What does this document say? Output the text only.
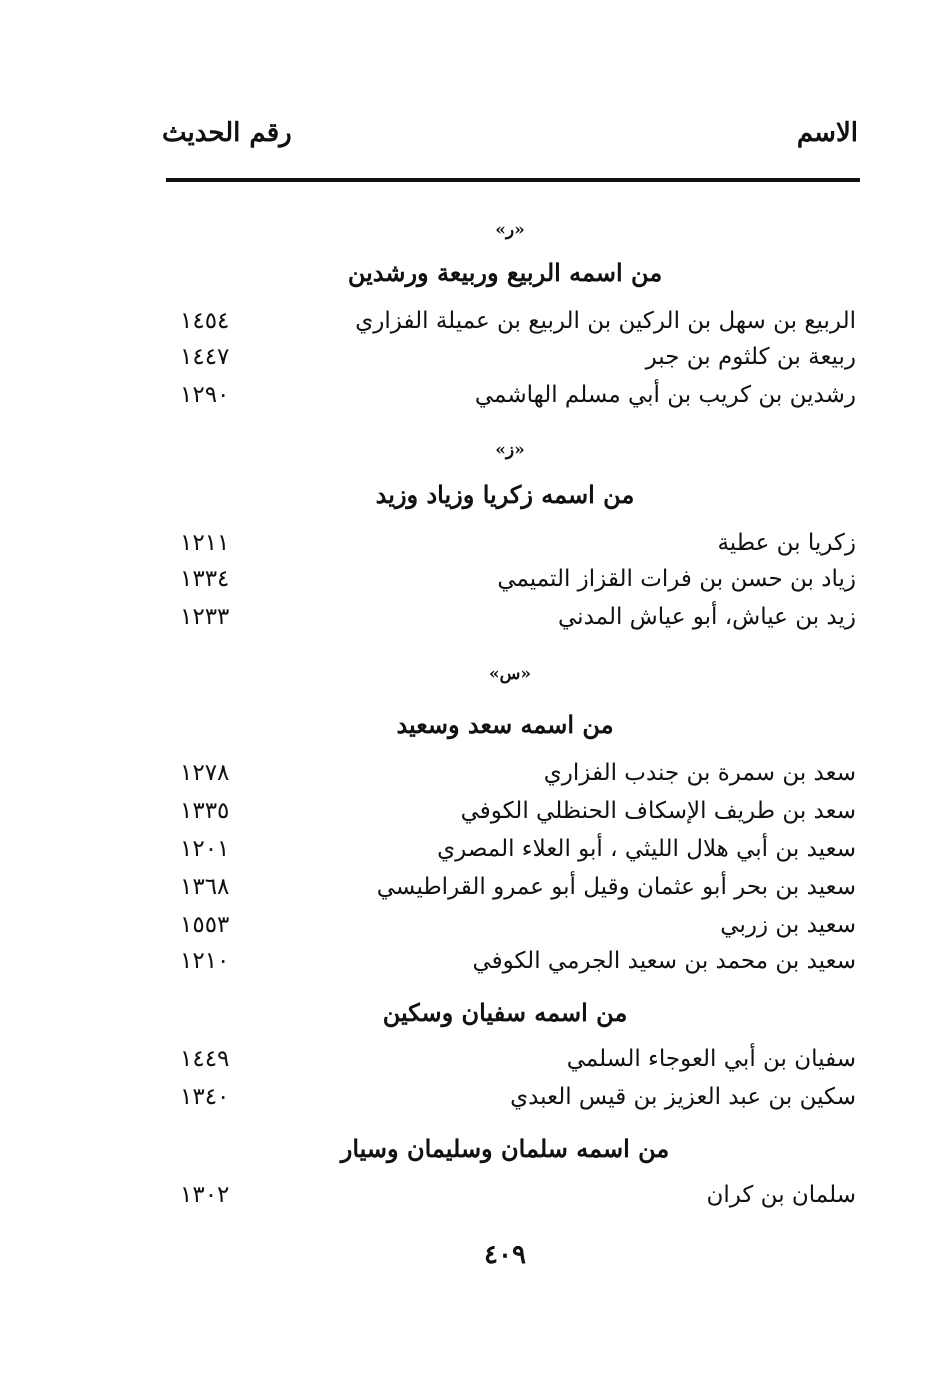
الاسم
رقم الحديث
«ر»
من اسمه الربيع وربيعة ورشدين
الربيع بن سهل بن الركين بن الربيع بن عميلة الفزاري
١٤٥٤
ربيعة بن كلثوم بن جبر
١٤٤٧
رشدين بن كريب بن أبي مسلم الهاشمي
١٢٩٠
«ز»
من اسمه زكريا وزياد وزيد
زكريا بن عطية
١٢١١
زياد بن حسن بن فرات القزاز التميمي
١٣٣٤
زيد بن عياش، أبو عياش المدني
١٢٣٣
«س»
من اسمه سعد وسعيد
سعد بن سمرة بن جندب الفزاري
١٢٧٨
سعد بن طريف الإسكاف الحنظلي الكوفي
١٣٣٥
سعيد بن أبي هلال الليثي ، أبو العلاء المصري
١٢٠١
سعيد بن بحر أبو عثمان وقيل أبو عمرو القراطيسي
١٣٦٨
سعيد بن زربي
١٥٥٣
سعيد بن محمد بن سعيد الجرمي الكوفي
١٢١٠
من اسمه سفيان وسكين
سفيان بن أبي العوجاء السلمي
١٤٤٩
سكين بن عبد العزيز بن قيس العبدي
١٣٤٠
من اسمه سلمان وسليمان وسيار
سلمان بن كران
١٣٠٢
٤٠٩
